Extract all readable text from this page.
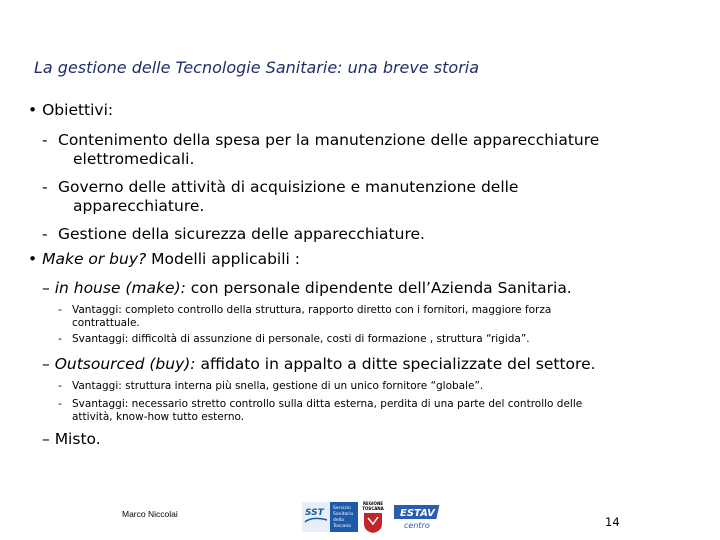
La gestione delle Tecnologie Sanitarie: una breve storia
• Obiettivi:
- Contenimento della spesa per la manutenzione delle apparecchiature
elettromedicali.
- Governo delle attività di acquisizione e manutenzione delle
apparecchiature.
- Gestione della sicurezza delle apparecchiature.
• Make or buy? Modelli applicabili :
– in house (make): con personale dipendente dell’Azienda Sanitaria.
- Vantaggi: completo controllo della struttura, rapporto diretto con i fornitori, maggiore forza
contrattuale.
- Svantaggi: difficoltà di assunzione di personale, costi di formazione , struttura “rigida”.
– Outsourced (buy): affidato in appalto a ditte specializzate del settore.
- Vantaggi: struttura interna più snella, gestione di un unico fornitore “globale”.
- Svantaggi: necessario stretto controllo sulla ditta esterna, perdita di una parte del controllo delle
attività, know-how tutto esterno.
– Misto.
Marco Niccolai	SST Servizio
Sanitario
della
Toscana
REGIONE
TOSCANA ESTAV
centro	14
